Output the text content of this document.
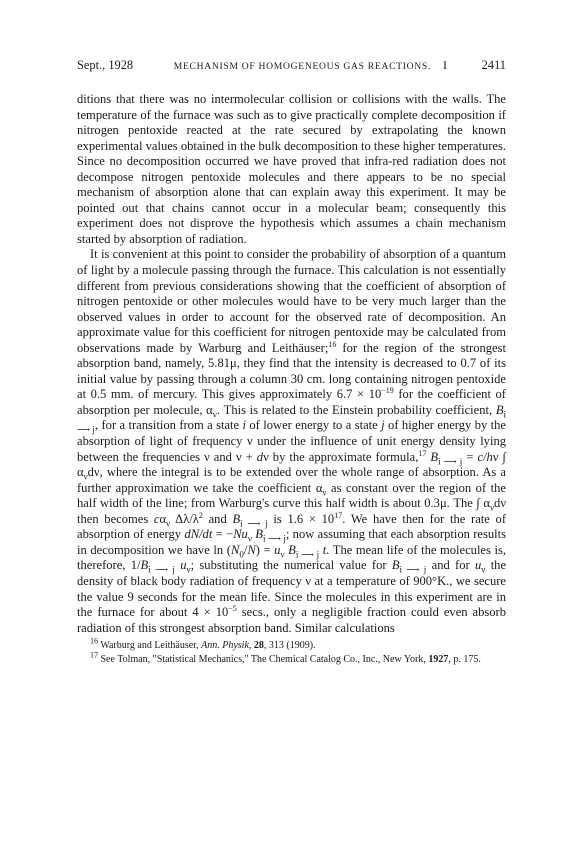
Sept., 1928	MECHANISM OF HOMOGENEOUS GAS REACTIONS. I	2411

ditions that there was no intermolecular collision or collisions with the walls. The temperature of the furnace was such as to give practically complete decomposition if nitrogen pentoxide reacted at the rate secured by extrapolating the known experimental values obtained in the bulk decomposition to these higher temperatures. Since no decomposition occurred we have proved that infra-red radiation does not decompose nitrogen pentoxide molecules and there appears to be no special mechanism of absorption alone that can explain away this experiment. It may be pointed out that chains cannot occur in a molecular beam; consequently this experiment does not disprove the hypothesis which assumes a chain mechanism started by absorption of radiation.

It is convenient at this point to consider the probability of absorption of a quantum of light by a molecule passing through the furnace. This calculation is not essentially different from previous considerations showing that the coefficient of absorption of nitrogen pentoxide or other molecules would have to be very much larger than the observed values in order to account for the observed rate of decomposition. An approximate value for this coefficient for nitrogen pentoxide may be calculated from observations made by Warburg and Leithäuser;$^{16}$ for the region of the strongest absorption band, namely, 5.81μ, they find that the intensity is decreased to 0.7 of its initial value by passing through a column 30 cm. long containing nitrogen pentoxide at 0.5 mm. of mercury. This gives approximately $6.7 \times 10^{-19}$ for the coefficient of absorption per molecule, $\alpha_\nu$. This is related to the Einstein probability coefficient, $B_{i ⟶ j}$, for a transition from a state i of lower energy to a state j of higher energy by the absorption of light of frequency ν under the influence of unit energy density lying between the frequencies ν and ν + dν by the approximate formula,$^{17}$ $B_{i ⟶ j} = c/h\nu$ ∫ $\alpha_\nu d\nu$, where the integral is to be extended over the whole range of absorption. As a further approximation we take the coefficient $\alpha_\nu$ as constant over the region of the half width of the line; from Warburg's curve this half width is about 0.3μ. The ∫ $\alpha_\nu d\nu$ then becomes $c\alpha_\nu$ $\Delta\lambda/\lambda^2$ and $B_{i ⟶ j}$ is $1.6 \times 10^{17}$. We have then for the rate of absorption of energy $dN/dt = -Nu_\nu$ $B_{i ⟶ j}$; now assuming that each absorption results in decomposition we have $\ln (N_0/N) = u_\nu$ $B_{i ⟶ j}$ t. The mean life of the molecules is, therefore, $1/B_{i ⟶ j}$ $u_\nu$; substituting the numerical value for $B_{i ⟶ j}$ and for $u_\nu$ the density of black body radiation of frequency ν at a temperature of 900°K., we secure the value 9 seconds for the mean life. Since the molecules in this experiment are in the furnace for about $4 \times 10^{-5}$ secs., only a negligible fraction could even absorb radiation of this strongest absorption band. Similar calculations

$^{16}$ Warburg and Leithäuser, Ann. Physik, 28, 313 (1909).

$^{17}$ See Tolman, "Statistical Mechanics," The Chemical Catalog Co., Inc., New York, 1927, p. 175.
